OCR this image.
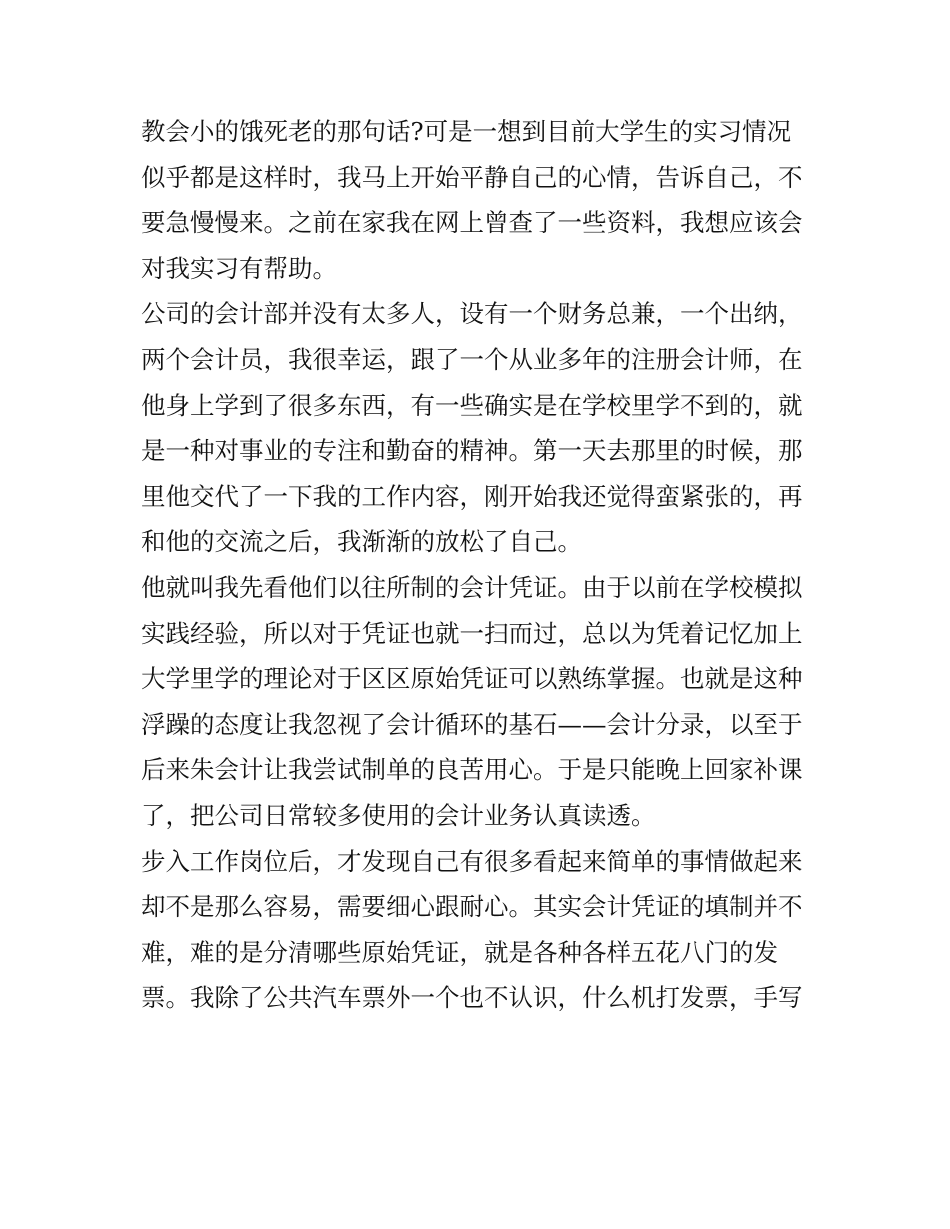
教会小的饿死老的那句话?可是一想到目前大学生的实习情况

似乎都是这样时，我马上开始平静自己的心情，告诉自己，不

要急慢慢来。之前在家我在网上曾查了一些资料，我想应该会

对我实习有帮助。

公司的会计部并没有太多人，设有一个财务总兼，一个出纳，

两个会计员，我很幸运，跟了一个从业多年的注册会计师，在

他身上学到了很多东西，有一些确实是在学校里学不到的，就

是一种对事业的专注和勤奋的精神。第一天去那里的时候，那

里他交代了一下我的工作内容，刚开始我还觉得蛮紧张的，再

和他的交流之后，我渐渐的放松了自己。

他就叫我先看他们以往所制的会计凭证。由于以前在学校模拟

实践经验，所以对于凭证也就一扫而过，总以为凭着记忆加上

大学里学的理论对于区区原始凭证可以熟练掌握。也就是这种

浮躁的态度让我忽视了会计循环的基石——会计分录，以至于

后来朱会计让我尝试制单的良苦用心。于是只能晚上回家补课

了，把公司日常较多使用的会计业务认真读透。

步入工作岗位后，才发现自己有很多看起来简单的事情做起来

却不是那么容易，需要细心跟耐心。其实会计凭证的填制并不

难，难的是分清哪些原始凭证，就是各种各样五花八门的发

票。我除了公共汽车票外一个也不认识，什么机打发票，手写
